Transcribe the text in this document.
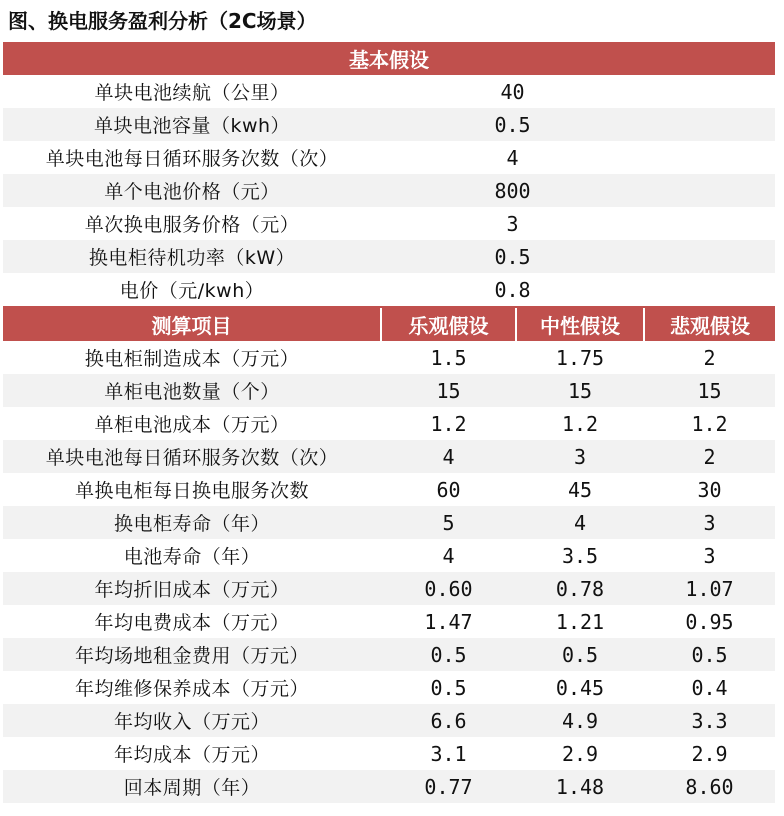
图、换电服务盈利分析（2C场景）
基本假设			
单块电池续航（公里）	40		
单块电池容量（kwh）	0.5		
单块电池每日循环服务次数（次）	4		
单个电池价格（元）	800		
单次换电服务价格（元）	3		
换电柜待机功率（kW）	0.5		
电价（元/kwh）	0.8		
测算项目	乐观假设	中性假设	悲观假设
换电柜制造成本（万元）	1.5	1.75	2
单柜电池数量（个）	15	15	15
单柜电池成本（万元）	1.2	1.2	1.2
单块电池每日循环服务次数（次）	4	3	2
单换电柜每日换电服务次数	60	45	30
换电柜寿命（年）	5	4	3
电池寿命（年）	4	3.5	3
年均折旧成本（万元）	0.60	0.78	1.07
年均电费成本（万元）	1.47	1.21	0.95
年均场地租金费用（万元）	0.5	0.5	0.5
年均维修保养成本（万元）	0.5	0.45	0.4
年均收入（万元）	6.6	4.9	3.3
年均成本（万元）	3.1	2.9	2.9
回本周期（年）	0.77	1.48	8.60
